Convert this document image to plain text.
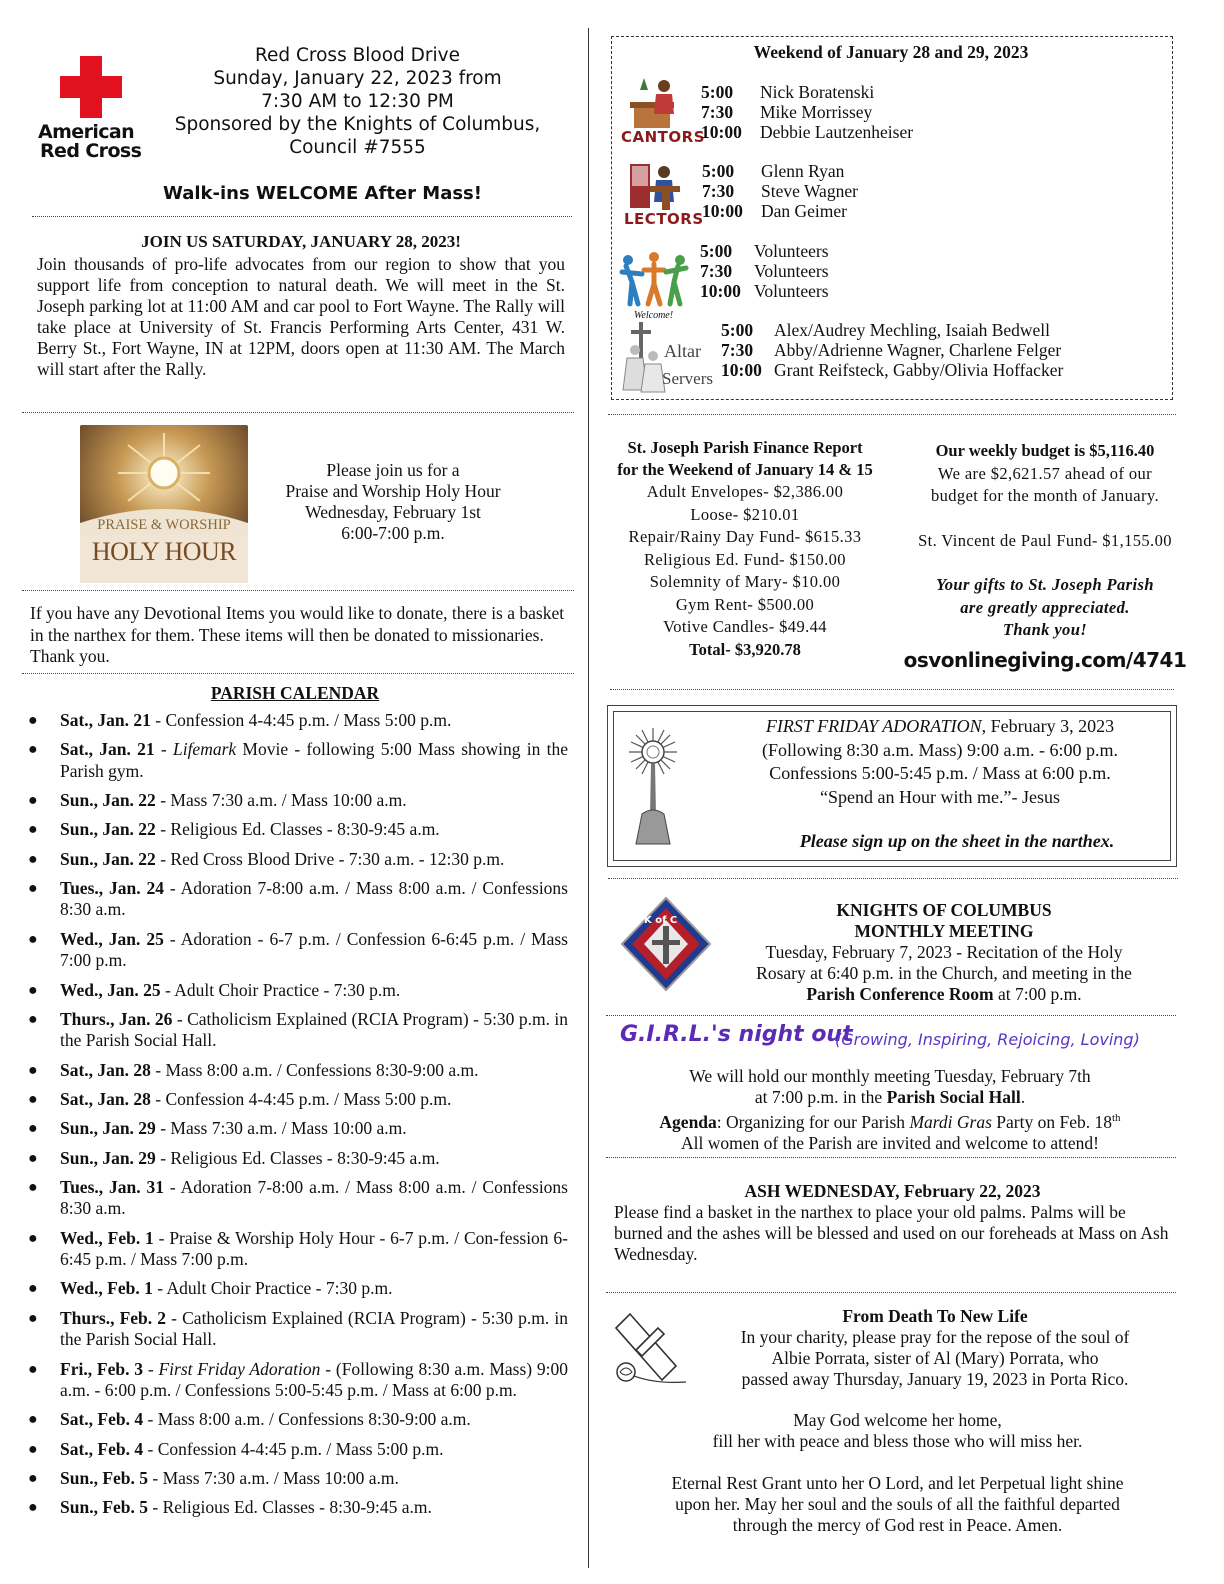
American
Red Cross
Red Cross Blood Drive
Sunday, January 22, 2023 from
7:30 AM to 12:30 PM
Sponsored by the Knights of Columbus,
Council #7555
Walk-ins WELCOME After Mass!
JOIN US SATURDAY, JANUARY 28, 2023!
Join thousands of pro-life advocates from our region to show that you support life from conception to natural death. We will meet in the St. Joseph parking lot at 11:00 AM and car pool to Fort Wayne. The Rally will take place at University of St. Francis Performing Arts Center, 431 W. Berry St., Fort Wayne, IN at 12PM, doors open at 11:30 AM. The March will start after the Rally.
PRAISE & WORSHIP
HOLY HOUR
Please join us for a
Praise and Worship Holy Hour
Wednesday, February 1st
6:00-7:00 p.m.
If you have any Devotional Items you would like to donate, there is a basket in the narthex for them. These items will then be donated to missionaries. Thank you.
PARISH CALENDAR
● Sat., Jan. 21 - Confession 4-4:45 p.m. / Mass 5:00 p.m.
● Sat., Jan. 21 - Lifemark Movie - following 5:00 Mass showing in the Parish gym.
● Sun., Jan. 22 - Mass 7:30 a.m. / Mass 10:00 a.m.
● Sun., Jan. 22 - Religious Ed. Classes - 8:30-9:45 a.m.
● Sun., Jan. 22 - Red Cross Blood Drive - 7:30 a.m. - 12:30 p.m.
● Tues., Jan. 24 - Adoration 7-8:00 a.m. / Mass 8:00 a.m. / Confessions 8:30 a.m.
● Wed., Jan. 25 - Adoration - 6-7 p.m. / Confession 6-6:45 p.m. / Mass 7:00 p.m.
● Wed., Jan. 25 - Adult Choir Practice - 7:30 p.m.
● Thurs., Jan. 26 - Catholicism Explained (RCIA Program) - 5:30 p.m. in the Parish Social Hall.
● Sat., Jan. 28 - Mass 8:00 a.m. / Confessions 8:30-9:00 a.m.
● Sat., Jan. 28 - Confession 4-4:45 p.m. / Mass 5:00 p.m.
● Sun., Jan. 29 - Mass 7:30 a.m. / Mass 10:00 a.m.
● Sun., Jan. 29 - Religious Ed. Classes - 8:30-9:45 a.m.
● Tues., Jan. 31 - Adoration 7-8:00 a.m. / Mass 8:00 a.m. / Confessions 8:30 a.m.
● Wed., Feb. 1 - Praise & Worship Holy Hour - 6-7 p.m. / Con-fession 6-6:45 p.m. / Mass 7:00 p.m.
● Wed., Feb. 1 - Adult Choir Practice - 7:30 p.m.
● Thurs., Feb. 2 - Catholicism Explained (RCIA Program) - 5:30 p.m. in the Parish Social Hall.
● Fri., Feb. 3 - First Friday Adoration - (Following 8:30 a.m. Mass) 9:00 a.m. - 6:00 p.m. / Confessions 5:00-5:45 p.m. / Mass at 6:00 p.m.
● Sat., Feb. 4 - Mass 8:00 a.m. / Confessions 8:30-9:00 a.m.
● Sat., Feb. 4 - Confession 4-4:45 p.m. / Mass 5:00 p.m.
● Sun., Feb. 5 - Mass 7:30 a.m. / Mass 10:00 a.m.
● Sun., Feb. 5 - Religious Ed. Classes - 8:30-9:45 a.m.
Weekend of January 28 and 29, 2023
CANTORS
5:00 Nick Boratenski
7:30 Mike Morrissey
10:00 Debbie Lautzenheiser
LECTORS
5:00 Glenn Ryan
7:30 Steve Wagner
10:00 Dan Geimer
Welcome!
5:00 Volunteers
7:30 Volunteers
10:00 Volunteers
Altar
Servers
5:00 Alex/Audrey Mechling, Isaiah Bedwell
7:30 Abby/Adrienne Wagner, Charlene Felger
10:00 Grant Reifsteck, Gabby/Olivia Hoffacker
St. Joseph Parish Finance Report
for the Weekend of January 14 & 15
Adult Envelopes- $2,386.00
Loose- $210.01
Repair/Rainy Day Fund- $615.33
Religious Ed. Fund- $150.00
Solemnity of Mary- $10.00
Gym Rent- $500.00
Votive Candles- $49.44
Total- $3,920.78
Our weekly budget is $5,116.40
We are $2,621.57 ahead of our
budget for the month of January.
St. Vincent de Paul Fund- $1,155.00
Your gifts to St. Joseph Parish
are greatly appreciated.
Thank you!
osvonlinegiving.com/4741
FIRST FRIDAY ADORATION, February 3, 2023
(Following 8:30 a.m. Mass) 9:00 a.m. - 6:00 p.m.
Confessions 5:00-5:45 p.m. / Mass at 6:00 p.m.
“Spend an Hour with me.”- Jesus
Please sign up on the sheet in the narthex.
K of C
KNIGHTS OF COLUMBUS
MONTHLY MEETING
Tuesday, February 7, 2023 - Recitation of the Holy
Rosary at 6:40 p.m. in the Church, and meeting in the
Parish Conference Room at 7:00 p.m.
G.I.R.L.'s night out
(Growing, Inspiring, Rejoicing, Loving)
We will hold our monthly meeting Tuesday, February 7th
at 7:00 p.m. in the Parish Social Hall.
Agenda: Organizing for our Parish Mardi Gras Party on Feb. 18th
All women of the Parish are invited and welcome to attend!
ASH WEDNESDAY, February 22, 2023
Please find a basket in the narthex to place your old palms. Palms will be burned and the ashes will be blessed and used on our foreheads at Mass on Ash Wednesday.
From Death To New Life
In your charity, please pray for the repose of the soul of
Albie Porrata, sister of Al (Mary) Porrata, who
passed away Thursday, January 19, 2023 in Porta Rico.
May God welcome her home,
fill her with peace and bless those who will miss her.
Eternal Rest Grant unto her O Lord, and let Perpetual light shine
upon her. May her soul and the souls of all the faithful departed
through the mercy of God rest in Peace. Amen.
